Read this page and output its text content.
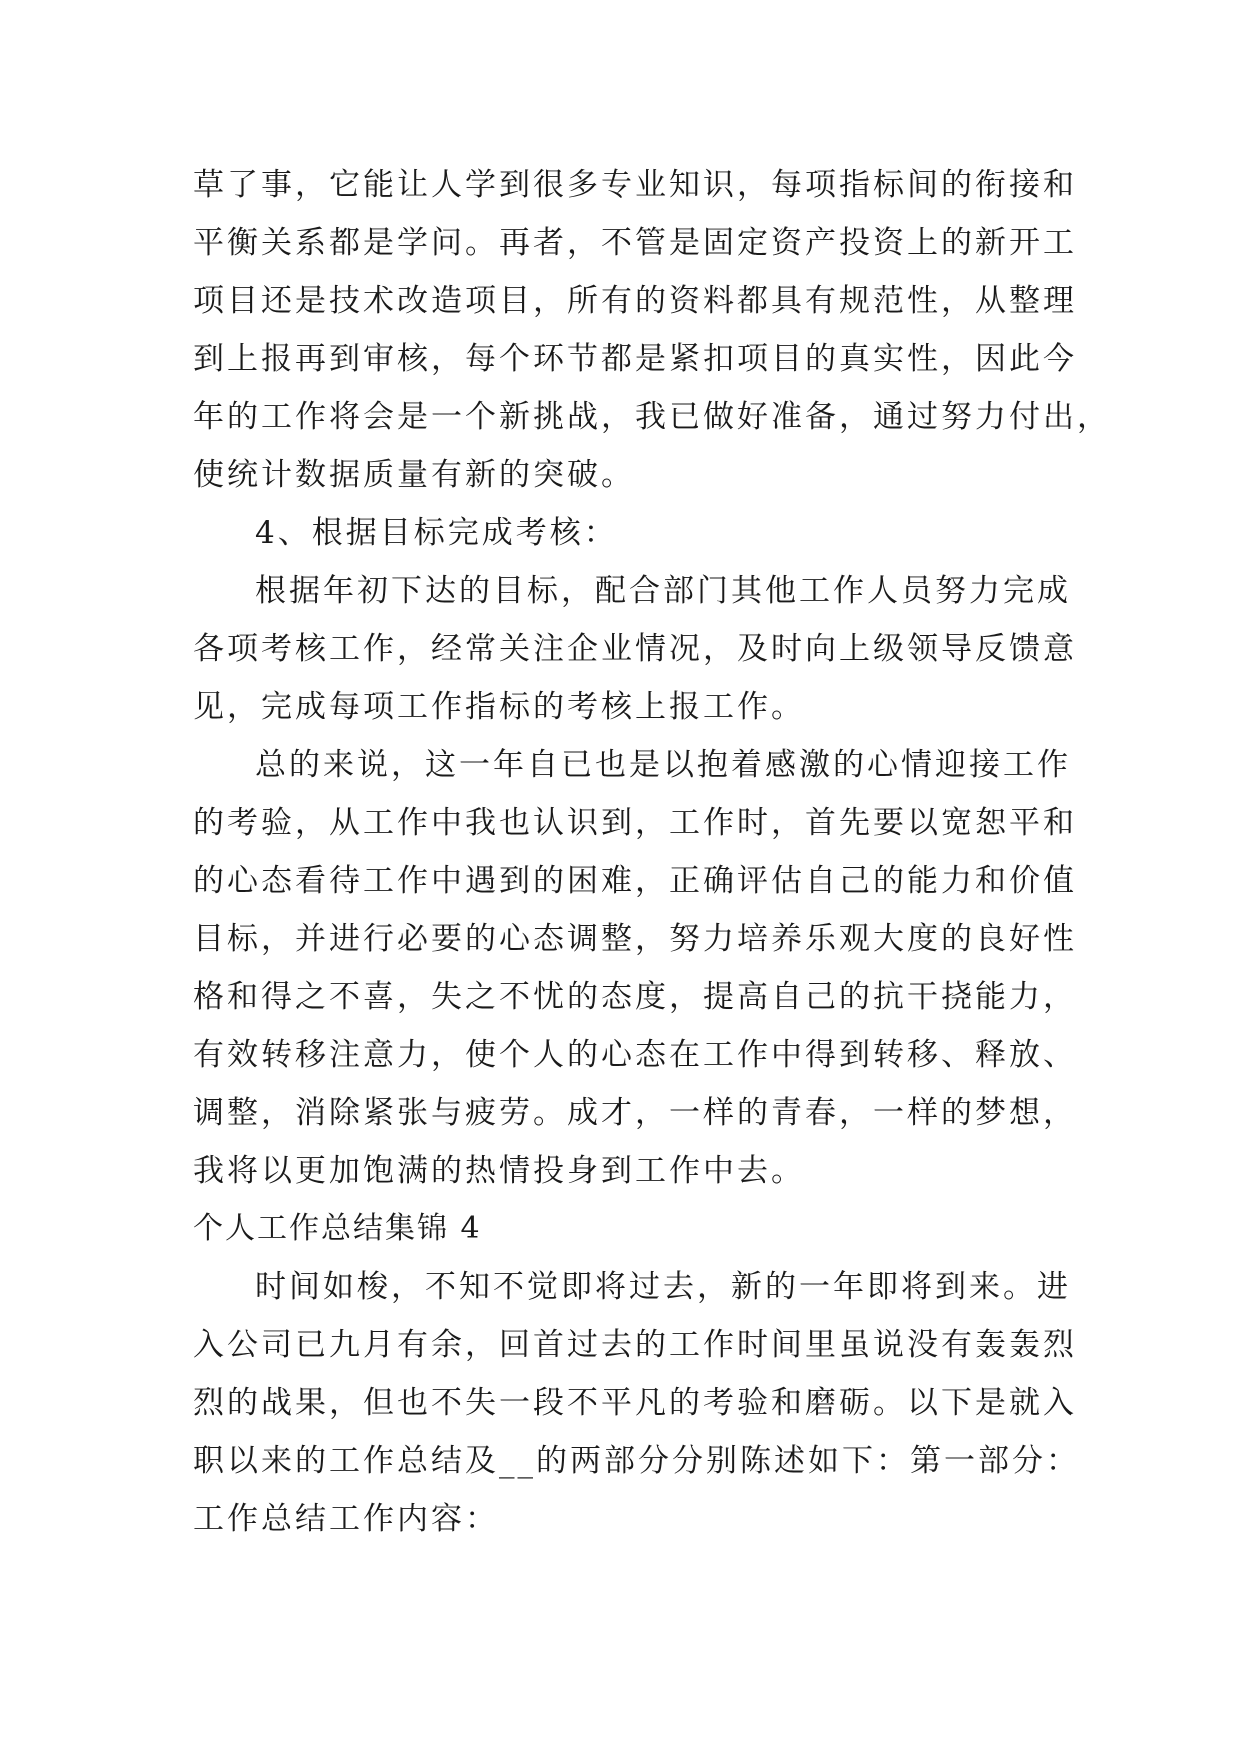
草了事，它能让人学到很多专业知识，每项指标间的衔接和
平衡关系都是学问。再者，不管是固定资产投资上的新开工
项目还是技术改造项目，所有的资料都具有规范性，从整理
到上报再到审核，每个环节都是紧扣项目的真实性，因此今
年的工作将会是一个新挑战，我已做好准备，通过努力付出，
使统计数据质量有新的突破。
4、根据目标完成考核：
根据年初下达的目标，配合部门其他工作人员努力完成
各项考核工作，经常关注企业情况，及时向上级领导反馈意
见，完成每项工作指标的考核上报工作。
总的来说，这一年自已也是以抱着感激的心情迎接工作
的考验，从工作中我也认识到，工作时，首先要以宽恕平和
的心态看待工作中遇到的困难，正确评估自己的能力和价值
目标，并进行必要的心态调整，努力培养乐观大度的良好性
格和得之不喜，失之不忧的态度，提高自己的抗干挠能力，
有效转移注意力，使个人的心态在工作中得到转移、释放、
调整，消除紧张与疲劳。成才，一样的青春，一样的梦想，
我将以更加饱满的热情投身到工作中去。
个人工作总结集锦 4
时间如梭，不知不觉即将过去，新的一年即将到来。进
入公司已九月有余，回首过去的工作时间里虽说没有轰轰烈
烈的战果，但也不失一段不平凡的考验和磨砺。以下是就入
职以来的工作总结及__的两部分分别陈述如下：第一部分：
工作总结工作内容：
